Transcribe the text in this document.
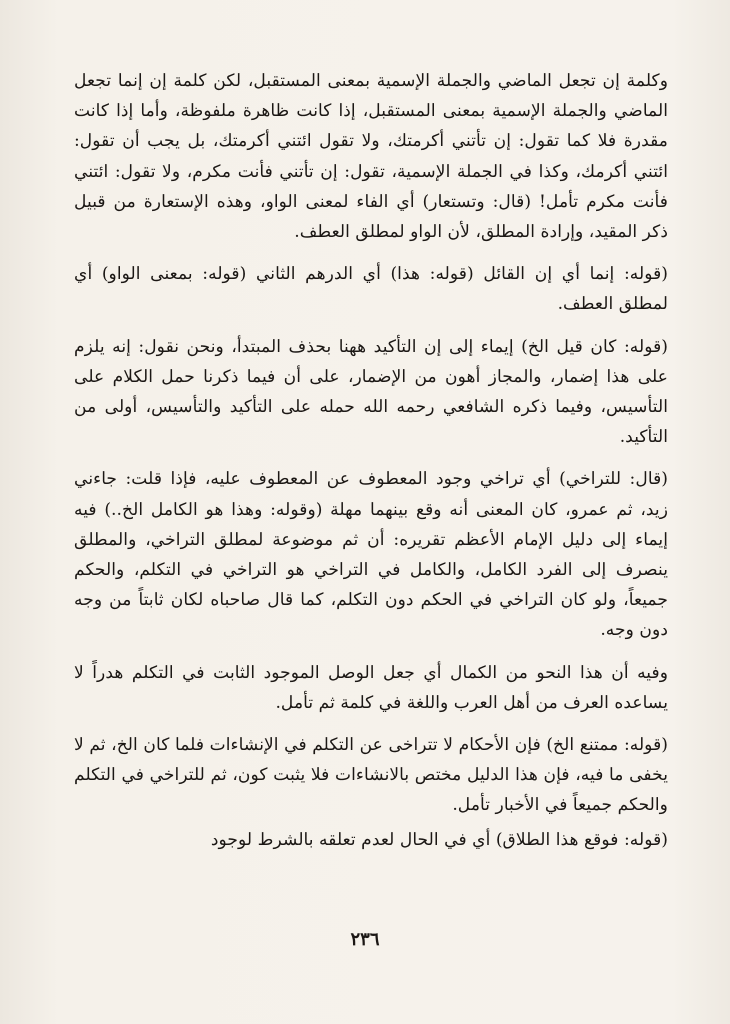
وكلمة إن تجعل الماضي والجملة الإسمية بمعنى المستقبل، لكن كلمة إن إنما تجعل الماضي والجملة الإسمية بمعنى المستقبل، إذا كانت ظاهرة ملفوظة، وأما إذا كانت مقدرة فلا كما تقول: إن تأتني أكرمتك، ولا تقول ائتني أكرمتك، بل يجب أن تقول: ائتني أكرمك، وكذا في الجملة الإسمية، تقول: إن تأتني فأنت مكرم، ولا تقول: ائتني فأنت مكرم تأمل! (قال: وتستعار) أي الفاء لمعنى الواو، وهذه الإستعارة من قبيل ذكر المقيد، وإرادة المطلق، لأن الواو لمطلق العطف.

(قوله: إنما أي إن القائل (قوله: هذا) أي الدرهم الثاني (قوله: بمعنى الواو) أي لمطلق العطف.

(قوله: كان قيل الخ) إيماء إلى إن التأكيد ههنا بحذف المبتدأ، ونحن نقول: إنه يلزم على هذا إضمار، والمجاز أهون من الإضمار، على أن فيما ذكرنا حمل الكلام على التأسيس، وفيما ذكره الشافعي رحمه الله حمله على التأكيد والتأسيس، أولى من التأكيد.

(قال: للتراخي) أي تراخي وجود المعطوف عن المعطوف عليه، فإذا قلت: جاءني زيد، ثم عمرو، كان المعنى أنه وقع بينهما مهلة (وقوله: وهذا هو الكامل الخ..) فيه إيماء إلى دليل الإمام الأعظم تقريره: أن ثم موضوعة لمطلق التراخي، والمطلق ينصرف إلى الفرد الكامل، والكامل في التراخي هو التراخي في التكلم، والحكم جميعاً، ولو كان التراخي في الحكم دون التكلم، كما قال صاحباه لكان ثابتاً من وجه دون وجه.

وفيه أن هذا النحو من الكمال أي جعل الوصل الموجود الثابت في التكلم هدراً لا يساعده العرف من أهل العرب واللغة في كلمة ثم تأمل.

(قوله: ممتنع الخ) فإن الأحكام لا تتراخى عن التكلم في الإنشاءات فلما كان الخ، ثم لا يخفى ما فيه، فإن هذا الدليل مختص بالانشاءات فلا يثبت كون، ثم للتراخي في التكلم والحكم جميعاً في الأخبار تأمل.

(قوله: فوقع هذا الطلاق) أي في الحال لعدم تعلقه بالشرط لوجود

٢٣٦
